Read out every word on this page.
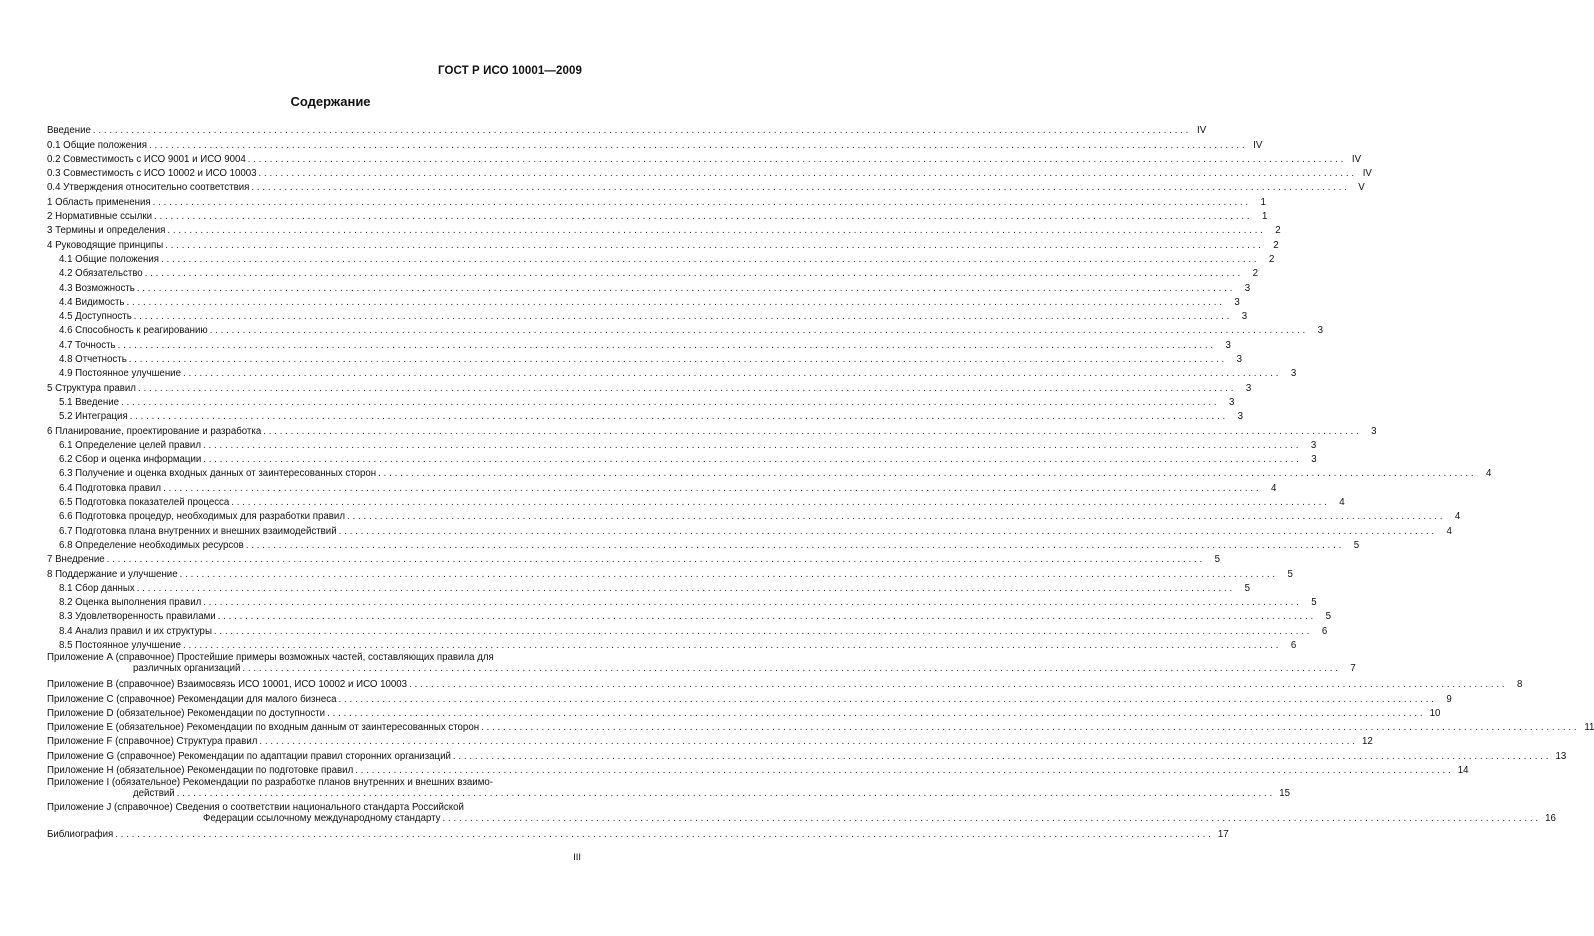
ГОСТ Р ИСО 10001—2009
Содержание
Введение ........................................................................................................................................................................................................ IV
0.1 Общие положения ........................................................................................................................................................................................................ IV
0.2 Совместимость с ИСО 9001 и ИСО 9004 ........................................................................................................................................................................................................ IV
0.3 Совместимость с ИСО 10002 и ИСО 10003 ........................................................................................................................................................................................................ IV
0.4 Утверждения относительно соответствия ........................................................................................................................................................................................................ V
1 Область применения ........................................................................................................................................................................................................ 1
2 Нормативные ссылки ........................................................................................................................................................................................................ 1
3 Термины и определения ........................................................................................................................................................................................................ 2
4 Руководящие принципы ........................................................................................................................................................................................................ 2
4.1 Общие положения ........................................................................................................................................................................................................ 2
4.2 Обязательство ........................................................................................................................................................................................................ 2
4.3 Возможность ........................................................................................................................................................................................................ 3
4.4 Видимость ........................................................................................................................................................................................................ 3
4.5 Доступность ........................................................................................................................................................................................................ 3
4.6 Способность к реагированию ........................................................................................................................................................................................................ 3
4.7 Точность ........................................................................................................................................................................................................ 3
4.8 Отчетность ........................................................................................................................................................................................................ 3
4.9 Постоянное улучшение ........................................................................................................................................................................................................ 3
5 Структура правил ........................................................................................................................................................................................................ 3
5.1 Введение ........................................................................................................................................................................................................ 3
5.2 Интеграция ........................................................................................................................................................................................................ 3
6 Планирование, проектирование и разработка ........................................................................................................................................................................................................ 3
6.1 Определение целей правил ........................................................................................................................................................................................................ 3
6.2 Сбор и оценка информации ........................................................................................................................................................................................................ 3
6.3 Получение и оценка входных данных от заинтересованных сторон ........................................................................................................................................................................................................ 4
6.4 Подготовка правил ........................................................................................................................................................................................................ 4
6.5 Подготовка показателей процесса ........................................................................................................................................................................................................ 4
6.6 Подготовка процедур, необходимых для разработки правил ........................................................................................................................................................................................................ 4
6.7 Подготовка плана внутренних и внешних взаимодействий ........................................................................................................................................................................................................ 4
6.8 Определение необходимых ресурсов ........................................................................................................................................................................................................ 5
7 Внедрение ........................................................................................................................................................................................................ 5
8 Поддержание и улучшение ........................................................................................................................................................................................................ 5
8.1 Сбор данных ........................................................................................................................................................................................................ 5
8.2 Оценка выполнения правил ........................................................................................................................................................................................................ 5
8.3 Удовлетворенность правилами ........................................................................................................................................................................................................ 5
8.4 Анализ правил и их структуры ........................................................................................................................................................................................................ 6
8.5 Постоянное улучшение ........................................................................................................................................................................................................ 6
Приложение А (справочное) Простейшие примеры возможных частей, составляющих правила для
различных организаций ........................................................................................................................................................................................................ 7
Приложение В (справочное) Взаимосвязь ИСО 10001, ИСО 10002 и ИСО 10003 ........................................................................................................................................................................................................ 8
Приложение С (справочное) Рекомендации для малого бизнеса ........................................................................................................................................................................................................ 9
Приложение D (обязательное) Рекомендации по доступности ........................................................................................................................................................................................................ 10
Приложение Е (обязательное) Рекомендации по входным данным от заинтересованных сторон ........................................................................................................................................................................................................ 11
Приложение F (справочное) Структура правил ........................................................................................................................................................................................................ 12
Приложение G (справочное) Рекомендации по адаптации правил сторонних организаций ........................................................................................................................................................................................................ 13
Приложение Н (обязательное) Рекомендации по подготовке правил ........................................................................................................................................................................................................ 14
Приложение I (обязательное) Рекомендации по разработке планов внутренних и внешних взаимо-
действий ........................................................................................................................................................................................................ 15
Приложение J (справочное) Сведения о соответствии национального стандарта Российской
Федерации ссылочному международному стандарту ........................................................................................................................................................................................................ 16
Библиография ........................................................................................................................................................................................................ 17
III
